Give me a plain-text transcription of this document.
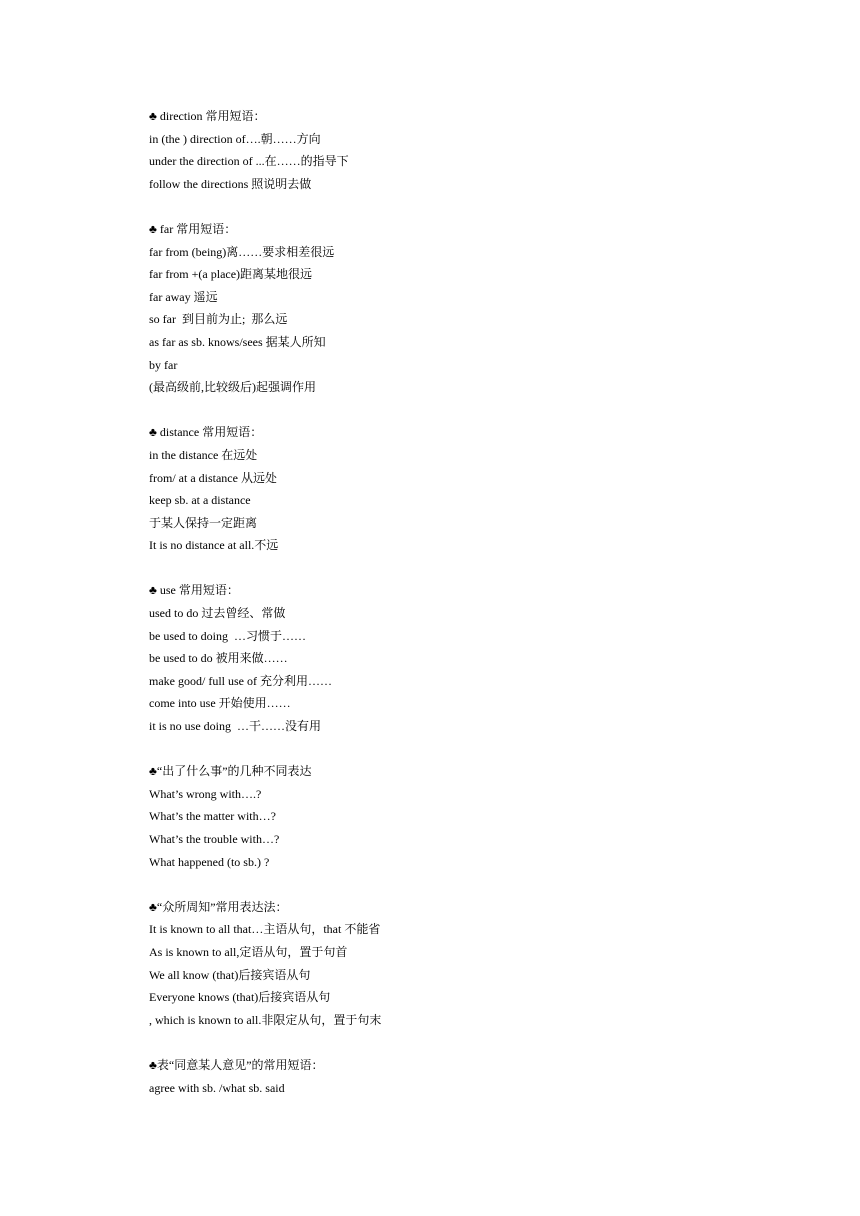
♣ direction 常用短语：
in (the ) direction of….朝……方向
under the direction of ...在……的指导下
follow the directions 照说明去做
♣ far 常用短语：
far from (being)离……要求相差很远
far from +(a place)距离某地很远
far away 遥远
so far  到目前为止;  那么远
as far as sb. knows/sees 据某人所知
by far
(最高级前,比较级后)起强调作用
♣ distance 常用短语：
in the distance 在远处
from/ at a distance 从远处
keep sb. at a distance
于某人保持一定距离
It is no distance at all.不远
♣ use 常用短语：
used to do 过去曾经、常做
be used to doing  …习惯于……
be used to do 被用来做……
make good/ full use of 充分利用……
come into use 开始使用……
it is no use doing  …干……没有用
♣“出了什么事”的几种不同表达
What’s wrong with….?
What’s the matter with…?
What’s the trouble with…?
What happened (to sb.) ?
♣“众所周知”常用表达法：
It is known to all that…主语从句，that 不能省
As is known to all,定语从句，置于句首
We all know (that)后接宾语从句
Everyone knows (that)后接宾语从句
, which is known to all.非限定从句，置于句末
♣表“同意某人意见”的常用短语：
agree with sb. /what sb. said
